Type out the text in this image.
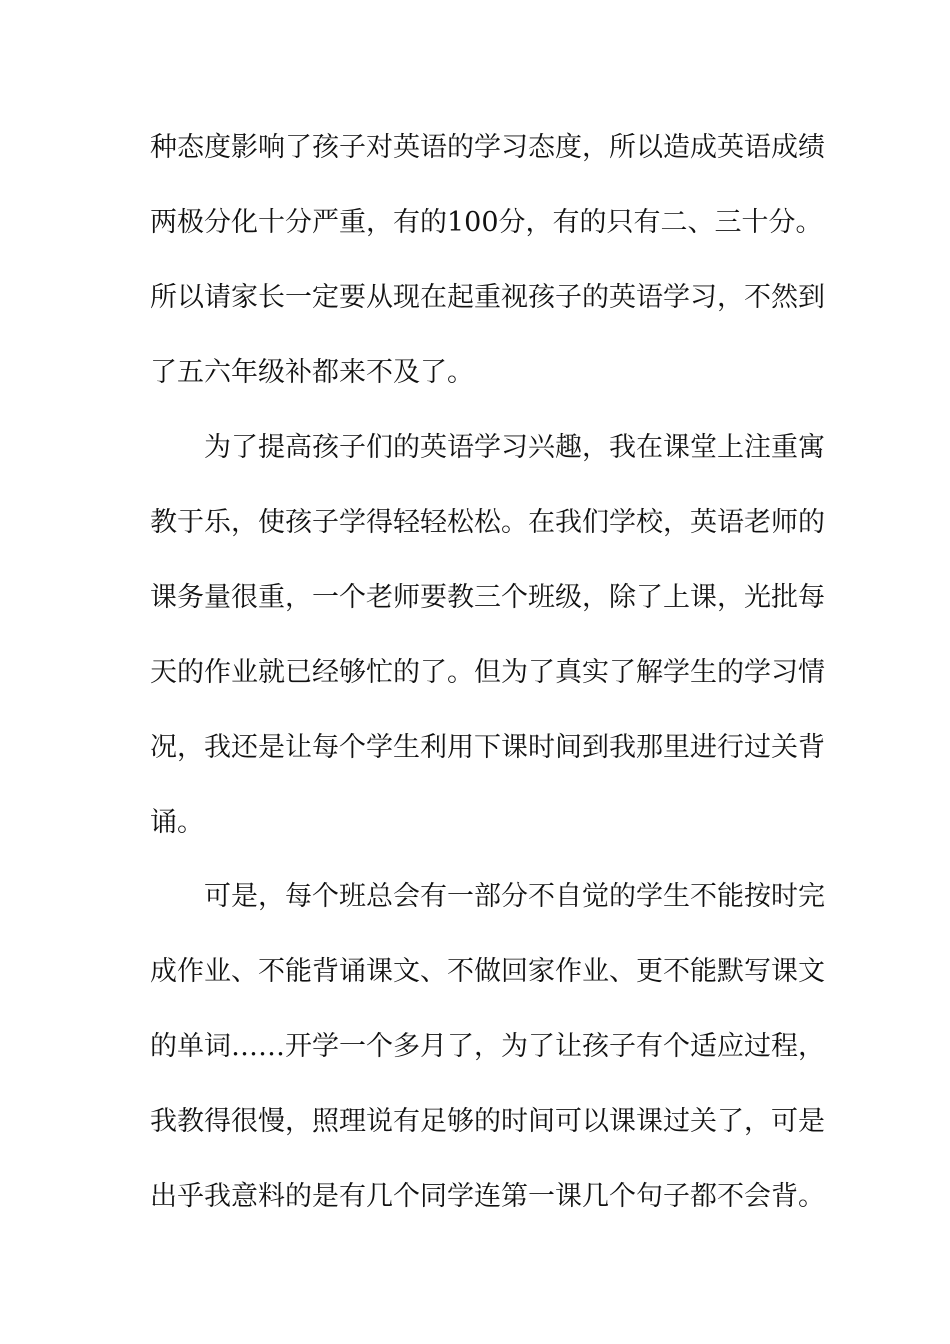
种态度影响了孩子对英语的学习态度，所以造成英语成绩
两极分化十分严重，有的100分，有的只有二、三十分。
所以请家长一定要从现在起重视孩子的英语学习，不然到
了五六年级补都来不及了。
为了提高孩子们的英语学习兴趣，我在课堂上注重寓
教于乐，使孩子学得轻轻松松。在我们学校，英语老师的
课务量很重，一个老师要教三个班级，除了上课，光批每
天的作业就已经够忙的了。但为了真实了解学生的学习情
况，我还是让每个学生利用下课时间到我那里进行过关背
诵。
可是，每个班总会有一部分不自觉的学生不能按时完
成作业、不能背诵课文、不做回家作业、更不能默写课文
的单词……开学一个多月了，为了让孩子有个适应过程，
我教得很慢，照理说有足够的时间可以课课过关了，可是
出乎我意料的是有几个同学连第一课几个句子都不会背。
